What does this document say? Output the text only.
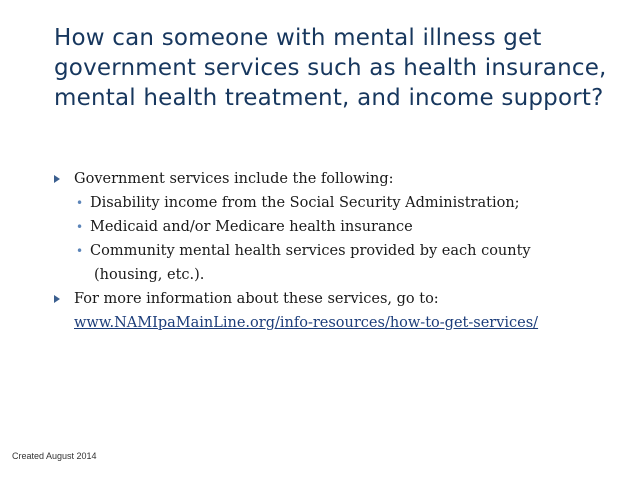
How can someone with mental illness get government services such as health insurance, mental health treatment, and income support?
Government services include the following:
• Disability income from the Social Security Administration;
• Medicaid and/or Medicare health insurance
• Community mental health services provided by each county
(housing, etc.).
For more information about these services, go to:
www.NAMIpaMainLine.org/info-resources/how-to-get-services/
Created August 2014
